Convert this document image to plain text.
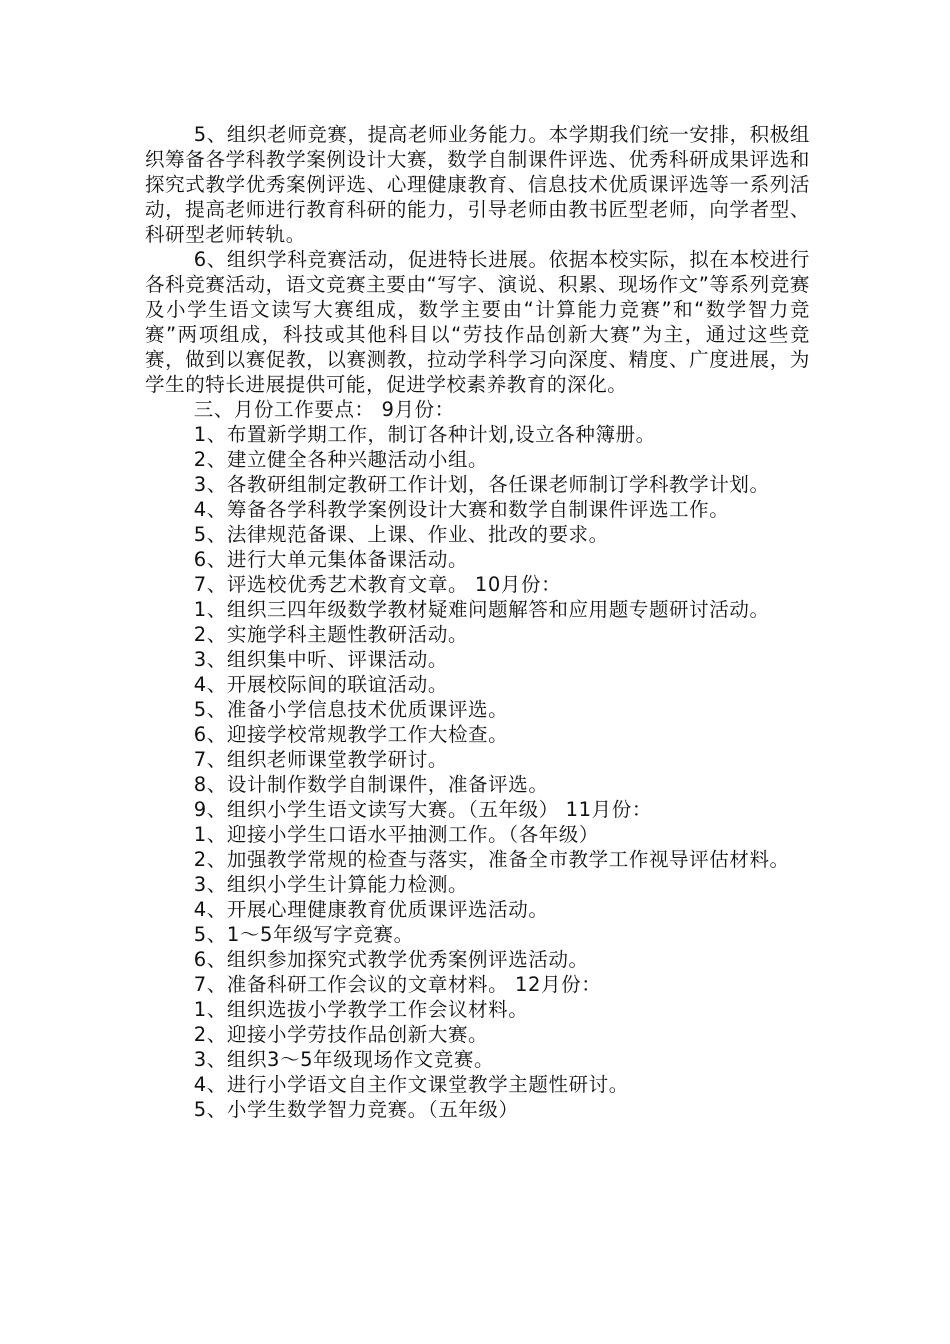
5、组织老师竞赛，提高老师业务能力。本学期我们统一安排，积极组织筹备各学科教学案例设计大赛，数学自制课件评选、优秀科研成果评选和探究式教学优秀案例评选、心理健康教育、信息技术优质课评选等一系列活动，提高老师进行教育科研的能力，引导老师由教书匠型老师，向学者型、科研型老师转轨。

6、组织学科竞赛活动，促进特长进展。依据本校实际，拟在本校进行各科竞赛活动，语文竞赛主要由“写字、演说、积累、现场作文”等系列竞赛及小学生语文读写大赛组成，数学主要由“计算能力竞赛”和“数学智力竞赛”两项组成，科技或其他科目以“劳技作品创新大赛”为主，通过这些竞赛，做到以赛促教，以赛测教，拉动学科学习向深度、精度、广度进展，为学生的特长进展提供可能，促进学校素养教育的深化。

三、月份工作要点： 9月份：

1、布置新学期工作，制订各种计划,设立各种簿册。

2、建立健全各种兴趣活动小组。

3、各教研组制定教研工作计划，各任课老师制订学科教学计划。

4、筹备各学科教学案例设计大赛和数学自制课件评选工作。

5、法律规范备课、上课、作业、批改的要求。

6、进行大单元集体备课活动。

7、评选校优秀艺术教育文章。 10月份：

1、组织三四年级数学教材疑难问题解答和应用题专题研讨活动。

2、实施学科主题性教研活动。

3、组织集中听、评课活动。

4、开展校际间的联谊活动。

5、准备小学信息技术优质课评选。

6、迎接学校常规教学工作大检查。

7、组织老师课堂教学研讨。

8、设计制作数学自制课件，准备评选。

9、组织小学生语文读写大赛。（五年级） 11月份：

1、迎接小学生口语水平抽测工作。（各年级）

2、加强教学常规的检查与落实，准备全市教学工作视导评估材料。

3、组织小学生计算能力检测。

4、开展心理健康教育优质课评选活动。

5、1～5年级写字竞赛。

6、组织参加探究式教学优秀案例评选活动。

7、准备科研工作会议的文章材料。 12月份：

1、组织选拔小学教学工作会议材料。

2、迎接小学劳技作品创新大赛。

3、组织3～5年级现场作文竞赛。

4、进行小学语文自主作文课堂教学主题性研讨。

5、小学生数学智力竞赛。（五年级）
